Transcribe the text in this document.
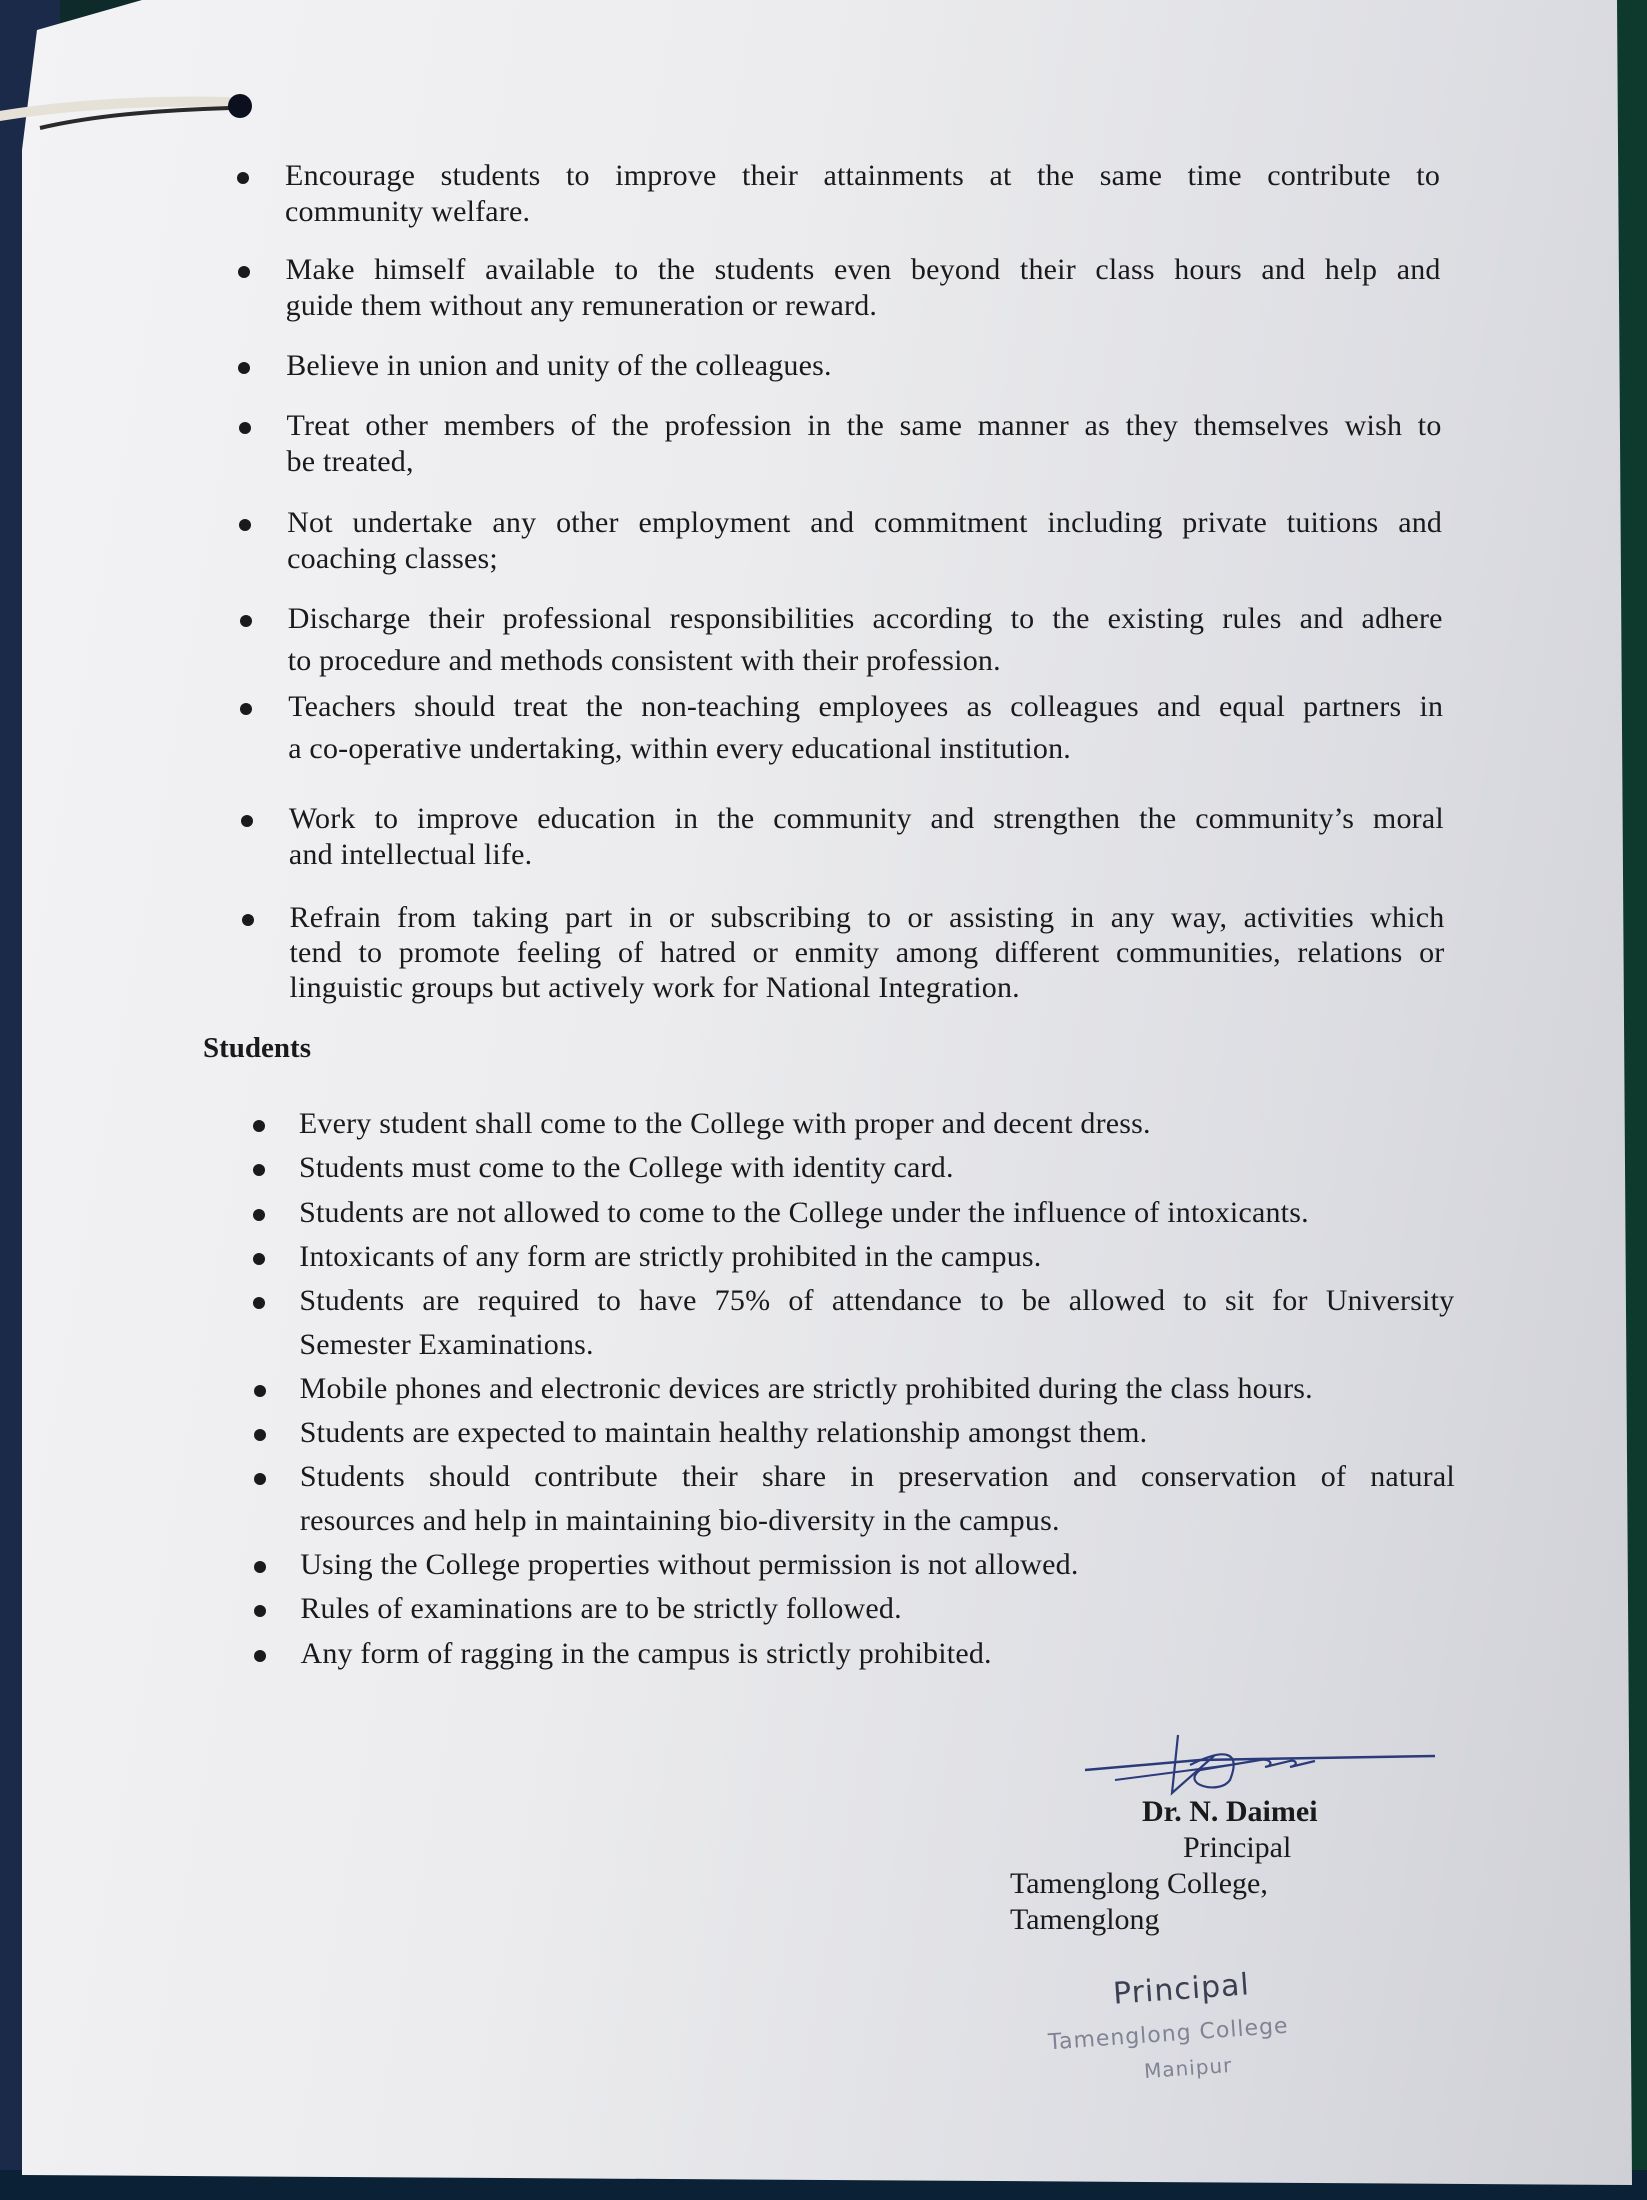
Encourage students to improve their attainments at the same time contribute to
community welfare.
Make himself available to the students even beyond their class hours and help and
guide them without any remuneration or reward.
Believe in union and unity of the colleagues.
Treat other members of the profession in the same manner as they themselves wish to
be treated,
Not undertake any other employment and commitment including private tuitions and
coaching classes;
Discharge their professional responsibilities according to the existing rules and adhere
to procedure and methods consistent with their profession.
Teachers should treat the non-teaching employees as colleagues and equal partners in
a co-operative undertaking, within every educational institution.
Work to improve education in the community and strengthen the community’s moral
and intellectual life.
Refrain from taking part in or subscribing to or assisting in any way, activities which
tend to promote feeling of hatred or enmity among different communities, relations or
linguistic groups but actively work for National Integration.
Students
Every student shall come to the College with proper and decent dress.
Students must come to the College with identity card.
Students are not allowed to come to the College under the influence of intoxicants.
Intoxicants of any form are strictly prohibited in the campus.
Students are required to have 75% of attendance to be allowed to sit for University
Semester Examinations.
Mobile phones and electronic devices are strictly prohibited during the class hours.
Students are expected to maintain healthy relationship amongst them.
Students should contribute their share in preservation and conservation of natural
resources and help in maintaining bio-diversity in the campus.
Using the College properties without permission is not allowed.
Rules of examinations are to be strictly followed.
Any form of ragging in the campus is strictly prohibited.
Dr. N. Daimei
Principal
Tamenglong College,
Tamenglong
Principal
Tamenglong College
Manipur
